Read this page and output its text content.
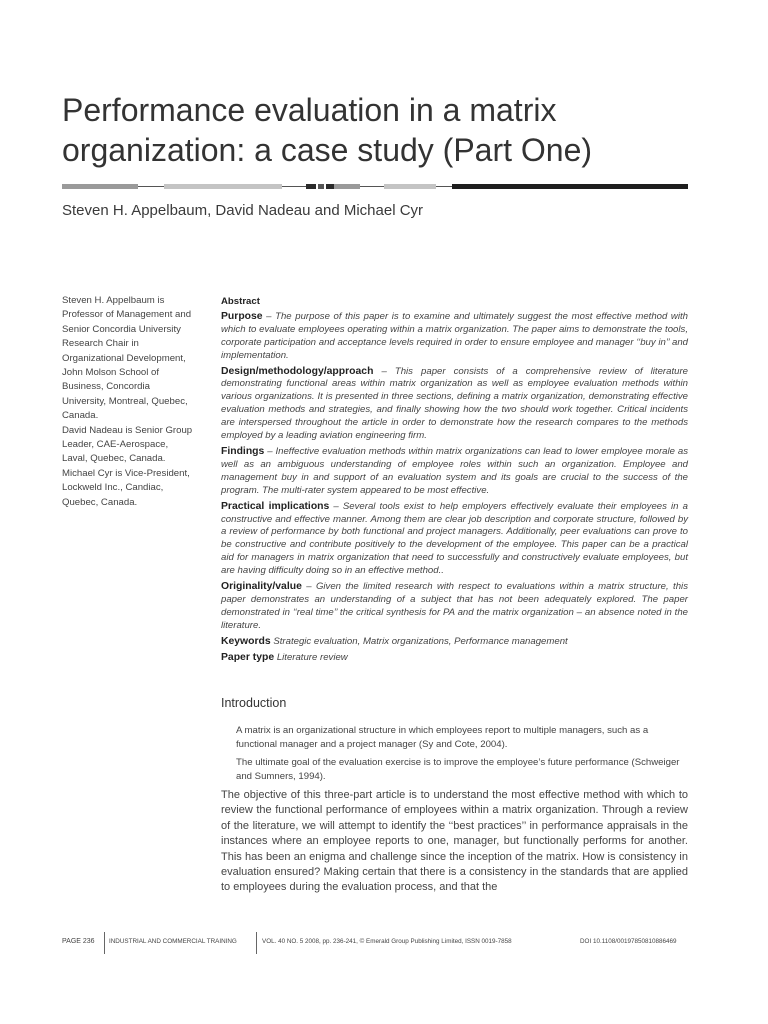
Performance evaluation in a matrix organization: a case study (Part One)
Steven H. Appelbaum, David Nadeau and Michael Cyr

Steven H. Appelbaum is Professor of Management and Senior Concordia University Research Chair in Organizational Development, John Molson School of Business, Concordia University, Montreal, Quebec, Canada.

David Nadeau is Senior Group Leader, CAE-Aerospace, Laval, Quebec, Canada.

Michael Cyr is Vice-President, Lockweld Inc., Candiac, Quebec, Canada.

Abstract

Purpose – The purpose of this paper is to examine and ultimately suggest the most effective method with which to evaluate employees operating within a matrix organization. The paper aims to demonstrate the tools, corporate participation and acceptance levels required in order to ensure employee and manager ‘‘buy in’’ and implementation.

Design/methodology/approach – This paper consists of a comprehensive review of literature demonstrating functional areas within matrix organization as well as employee evaluation methods within various organizations. It is presented in three sections, defining a matrix organization, demonstrating effective evaluation methods and strategies, and finally showing how the two should work together. Critical incidents are interspersed throughout the article in order to demonstrate how the research compares to the methods employed by a leading aviation engineering firm.

Findings – Ineffective evaluation methods within matrix organizations can lead to lower employee morale as well as an ambiguous understanding of employee roles within such an organization. Employee and management buy in and support of an evaluation system and its goals are crucial to the success of the program. The multi-rater system appeared to be most effective.

Practical implications – Several tools exist to help employers effectively evaluate their employees in a constructive and effective manner. Among them are clear job description and corporate structure, followed by a review of performance by both functional and project managers. Additionally, peer evaluations can prove to be constructive and contribute positively to the development of the employee. This paper can be a practical aid for managers in matrix organization that need to successfully and constructively evaluate employees, but are having difficulty doing so in an effective method..

Originality/value – Given the limited research with respect to evaluations within a matrix structure, this paper demonstrates an understanding of a subject that has not been adequately explored. The paper demonstrated in ‘‘real time’’ the critical synthesis for PA and the matrix organization – an absence noted in the literature.

Keywords Strategic evaluation, Matrix organizations, Performance management

Paper type Literature review

Introduction

A matrix is an organizational structure in which employees report to multiple managers, such as a functional manager and a project manager (Sy and Cote, 2004).

The ultimate goal of the evaluation exercise is to improve the employee’s future performance (Schweiger and Sumners, 1994).

The objective of this three-part article is to understand the most effective method with which to review the functional performance of employees within a matrix organization. Through a review of the literature, we will attempt to identify the ‘‘best practices’’ in performance appraisals in the instances where an employee reports to one, manager, but functionally performs for another. This has been an enigma and challenge since the inception of the matrix. How is consistency in evaluation ensured? Making certain that there is a consistency in the standards that are applied to employees during the evaluation process, and that the

PAGE 236 INDUSTRIAL AND COMMERCIAL TRAINING	VOL. 40 NO. 5 2008, pp. 236-241, © Emerald Group Publishing Limited, ISSN 0019-7858	DOI 10.1108/00197850810886469
